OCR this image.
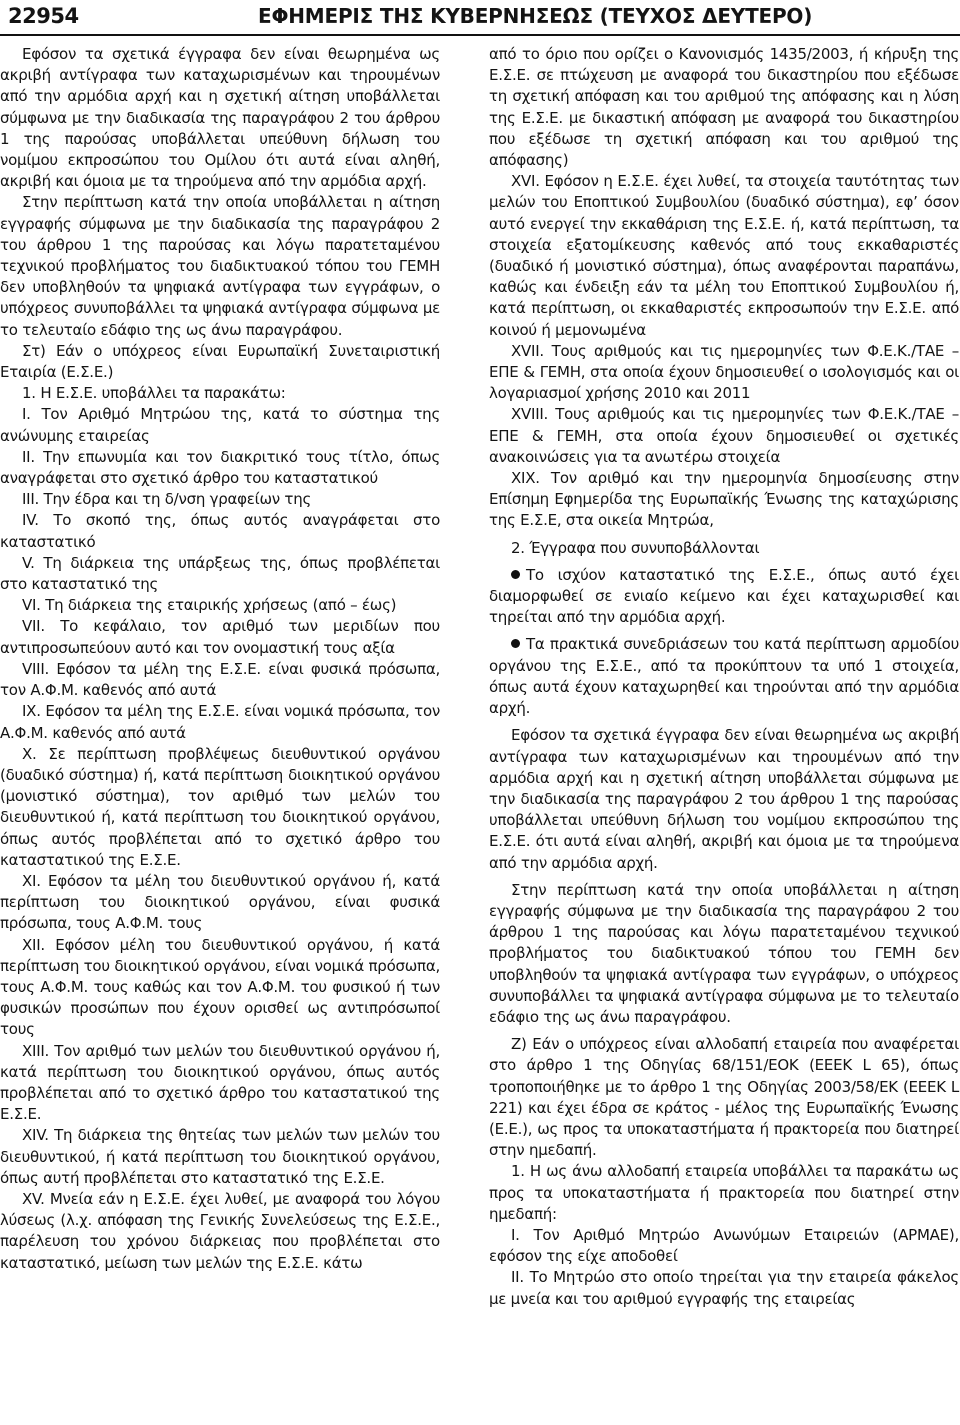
22954	ΕΦΗΜΕΡΙΣ ΤΗΣ ΚΥΒΕΡΝΗΣΕΩΣ (ΤΕΥΧΟΣ ΔΕΥΤΕΡΟ)

Εφόσον τα σχετικά έγγραφα δεν είναι θεωρημένα ως ακριβή αντίγραφα των καταχωρισμένων και τηρουμένων από την αρμόδια αρχή και η σχετική αίτηση υποβάλλεται σύμφωνα με την διαδικασία της παραγράφου 2 του άρθρου 1 της παρούσας υποβάλλεται υπεύθυνη δήλωση του νομίμου εκπροσώπου του Ομίλου ότι αυτά είναι αληθή, ακριβή και όμοια με τα τηρούμενα από την αρμόδια αρχή.

Στην περίπτωση κατά την οποία υποβάλλεται η αίτηση εγγραφής σύμφωνα με την διαδικασία της παραγράφου 2 του άρθρου 1 της παρούσας και λόγω παρατεταμένου τεχνικού προβλήματος του διαδικτυακού τόπου του ΓΕΜΗ δεν υποβληθούν τα ψηφιακά αντίγραφα των εγγράφων, ο υπόχρεος συνυποβάλλει τα ψηφιακά αντίγραφα σύμφωνα με το τελευταίο εδάφιο της ως άνω παραγράφου.

Στ) Εάν ο υπόχρεος είναι Ευρωπαϊκή Συνεταιριστική Εταιρία (Ε.Σ.Ε.)

1. Η Ε.Σ.Ε. υποβάλλει τα παρακάτω:

Ι. Τον Αριθμό Μητρώου της, κατά το σύστημα της ανώνυμης εταιρείας

ΙΙ. Την επωνυμία και τον διακριτικό τους τίτλο, όπως αναγράφεται στο σχετικό άρθρο του καταστατικού

ΙΙΙ. Την έδρα και τη δ/νση γραφείων της

ΙV. Το σκοπό της, όπως αυτός αναγράφεται στο καταστατικό

V. Τη διάρκεια της υπάρξεως της, όπως προβλέπεται στο καταστατικό της

VI. Τη διάρκεια της εταιρικής χρήσεως (από – έως)

VII. Το κεφάλαιο, τον αριθμό των μεριδίων που αντιπροσωπεύουν αυτό και τον ονομαστική τους αξία

VIII. Εφόσον τα μέλη της Ε.Σ.Ε. είναι φυσικά πρόσωπα, τον Α.Φ.Μ. καθενός από αυτά

IX. Εφόσον τα μέλη της Ε.Σ.Ε. είναι νομικά πρόσωπα, τον Α.Φ.Μ. καθενός από αυτά

X. Σε περίπτωση προβλέψεως διευθυντικού οργάνου (δυαδικό σύστημα) ή, κατά περίπτωση διοικητικού οργάνου (μονιστικό σύστημα), τον αριθμό των μελών του διευθυντικού ή, κατά περίπτωση του διοικητικού οργάνου, όπως αυτός προβλέπεται από το σχετικό άρθρο του καταστατικού της Ε.Σ.Ε.

XI. Εφόσον τα μέλη του διευθυντικού οργάνου ή, κατά περίπτωση του διοικητικού οργάνου, είναι φυσικά πρόσωπα, τους Α.Φ.Μ. τους

XII. Εφόσον μέλη του διευθυντικού οργάνου, ή κατά περίπτωση του διοικητικού οργάνου, είναι νομικά πρόσωπα, τους Α.Φ.Μ. τους καθώς και τον Α.Φ.Μ. του φυσικού ή των φυσικών προσώπων που έχουν ορισθεί ως αντιπρόσωποί τους

XIII. Τον αριθμό των μελών του διευθυντικού οργάνου ή, κατά περίπτωση του διοικητικού οργάνου, όπως αυτός προβλέπεται από το σχετικό άρθρο του καταστατικού της Ε.Σ.Ε.

XIV. Τη διάρκεια της θητείας των μελών των μελών του διευθυντικού, ή κατά περίπτωση του διοικητικού οργάνου, όπως αυτή προβλέπεται στο καταστατικό της Ε.Σ.Ε.

XV. Μνεία εάν η Ε.Σ.Ε. έχει λυθεί, με αναφορά του λόγου λύσεως (λ.χ. απόφαση της Γενικής Συνελεύσεως της Ε.Σ.Ε., παρέλευση του χρόνου διάρκειας που προβλέπεται στο καταστατικό, μείωση των μελών της Ε.Σ.Ε. κάτω

από το όριο που ορίζει ο Κανονισμός 1435/2003, ή κήρυξη της Ε.Σ.Ε. σε πτώχευση με αναφορά του δικαστηρίου που εξέδωσε τη σχετική απόφαση και του αριθμού της απόφασης και η λύση της Ε.Σ.Ε. με δικαστική απόφαση με αναφορά του δικαστηρίου που εξέδωσε τη σχετική απόφαση και του αριθμού της απόφασης)

XVI. Εφόσον η Ε.Σ.Ε. έχει λυθεί, τα στοιχεία ταυτότητας των μελών του Εποπτικού Συμβουλίου (δυαδικό σύστημα), εφ’ όσον αυτό ενεργεί την εκκαθάριση της Ε.Σ.Ε. ή, κατά περίπτωση, τα στοιχεία εξατομίκευσης καθενός από τους εκκαθαριστές (δυαδικό ή μονιστικό σύστημα), όπως αναφέρονται παραπάνω, καθώς και ένδειξη εάν τα μέλη του Εποπτικού Συμβουλίου ή, κατά περίπτωση, οι εκκαθαριστές εκπροσωπούν την Ε.Σ.Ε. από κοινού ή μεμονωμένα

XVII. Τους αριθμούς και τις ημερομηνίες των Φ.Ε.Κ./ΤΑΕ – ΕΠΕ & ΓΕΜΗ, στα οποία έχουν δημοσιευθεί ο ισολογισμός και οι λογαριασμοί χρήσης 2010 και 2011

XVIII. Τους αριθμούς και τις ημερομηνίες των Φ.Ε.Κ./ΤΑΕ – ΕΠΕ & ΓΕΜΗ, στα οποία έχουν δημοσιευθεί οι σχετικές ανακοινώσεις για τα ανωτέρω στοιχεία

XIX. Τον αριθμό και την ημερομηνία δημοσίευσης στην Επίσημη Εφημερίδα της Ευρωπαϊκής Ένωσης της καταχώρισης της Ε.Σ.Ε, στα οικεία Μητρώα,

2. Έγγραφα που συνυποβάλλονται

Το ισχύον καταστατικό της Ε.Σ.Ε., όπως αυτό έχει διαμορφωθεί σε ενιαίο κείμενο και έχει καταχωρισθεί και τηρείται από την αρμόδια αρχή.

Τα πρακτικά συνεδριάσεων του κατά περίπτωση αρμοδίου οργάνου της Ε.Σ.Ε., από τα προκύπτουν τα υπό 1 στοιχεία, όπως αυτά έχουν καταχωρηθεί και τηρούνται από την αρμόδια αρχή.

Εφόσον τα σχετικά έγγραφα δεν είναι θεωρημένα ως ακριβή αντίγραφα των καταχωρισμένων και τηρουμένων από την αρμόδια αρχή και η σχετική αίτηση υποβάλλεται σύμφωνα με την διαδικασία της παραγράφου 2 του άρθρου 1 της παρούσας υποβάλλεται υπεύθυνη δήλωση του νομίμου εκπροσώπου της Ε.Σ.Ε. ότι αυτά είναι αληθή, ακριβή και όμοια με τα τηρούμενα από την αρμόδια αρχή.

Στην περίπτωση κατά την οποία υποβάλλεται η αίτηση εγγραφής σύμφωνα με την διαδικασία της παραγράφου 2 του άρθρου 1 της παρούσας και λόγω παρατεταμένου τεχνικού προβλήματος του διαδικτυακού τόπου του ΓΕΜΗ δεν υποβληθούν τα ψηφιακά αντίγραφα των εγγράφων, ο υπόχρεος συνυποβάλλει τα ψηφιακά αντίγραφα σύμφωνα με το τελευταίο εδάφιο της ως άνω παραγράφου.

Ζ) Εάν ο υπόχρεος είναι αλλοδαπή εταιρεία που αναφέρεται στο άρθρο 1 της Οδηγίας 68/151/ΕΟΚ (ΕΕΕΚ L 65), όπως τροποποιήθηκε με το άρθρο 1 της Οδηγίας 2003/58/ΕΚ (ΕΕΕΚ L 221) και έχει έδρα σε κράτος - μέλος της Ευρωπαϊκής Ένωσης (Ε.Ε.), ως προς τα υποκαταστήματα ή πρακτορεία που διατηρεί στην ημεδαπή.

1. Η ως άνω αλλοδαπή εταιρεία υποβάλλει τα παρακάτω ως προς τα υποκαταστήματα ή πρακτορεία που διατηρεί στην ημεδαπή:

Ι. Τον Αριθμό Μητρώο Ανωνύμων Εταιρειών (ΑΡΜΑΕ), εφόσον της είχε αποδοθεί

ΙΙ. Το Μητρώο στο οποίο τηρείται για την εταιρεία φάκελος με μνεία και του αριθμού εγγραφής της εταιρείας
